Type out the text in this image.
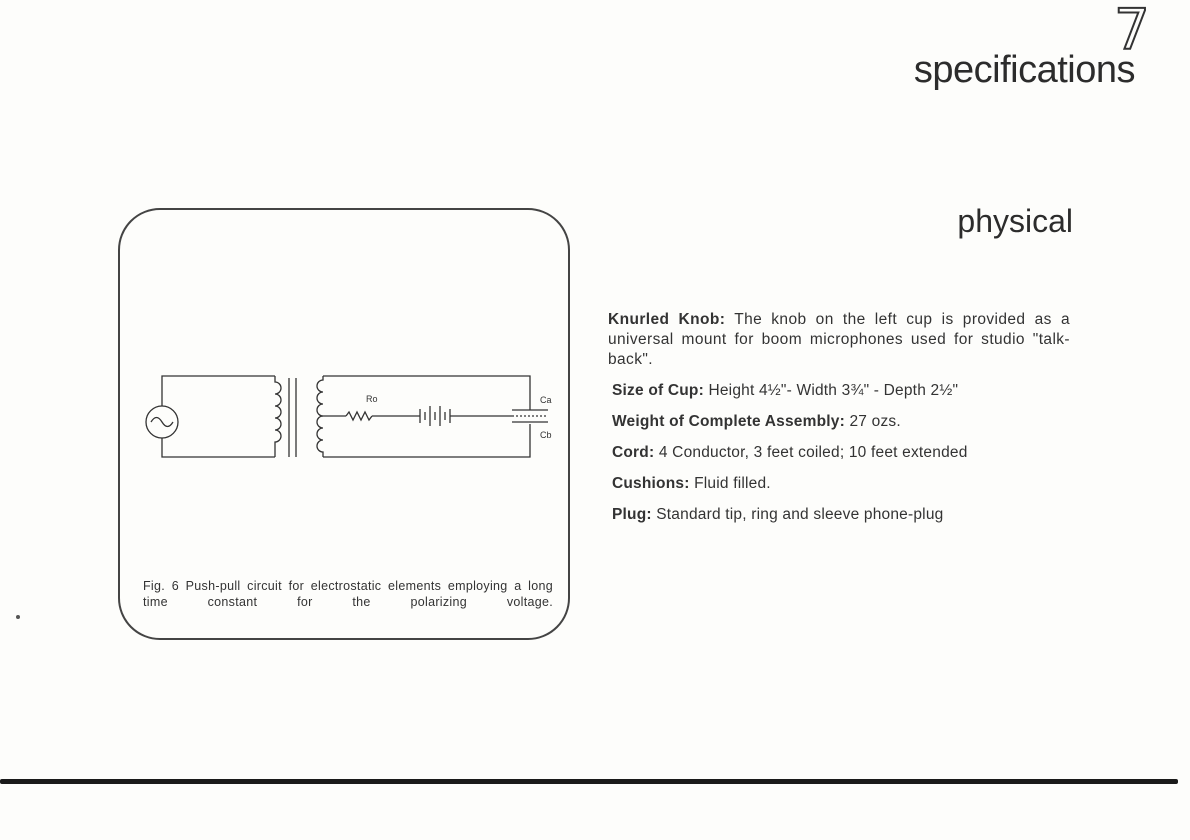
7
specifications
physical
Ro	Ca
Cb
Fig. 6 Push-pull circuit for electrostatic elements employing a long time constant for the polarizing voltage.

Knurled Knob: The knob on the left cup is provided as a universal mount for boom microphones used for studio "talk-back".

Size of Cup: Height 4½"- Width 3¾" - Depth 2½"

Weight of Complete Assembly: 27 ozs.

Cord: 4 Conductor, 3 feet coiled; 10 feet extended

Cushions: Fluid filled.

Plug: Standard tip, ring and sleeve phone-plug
